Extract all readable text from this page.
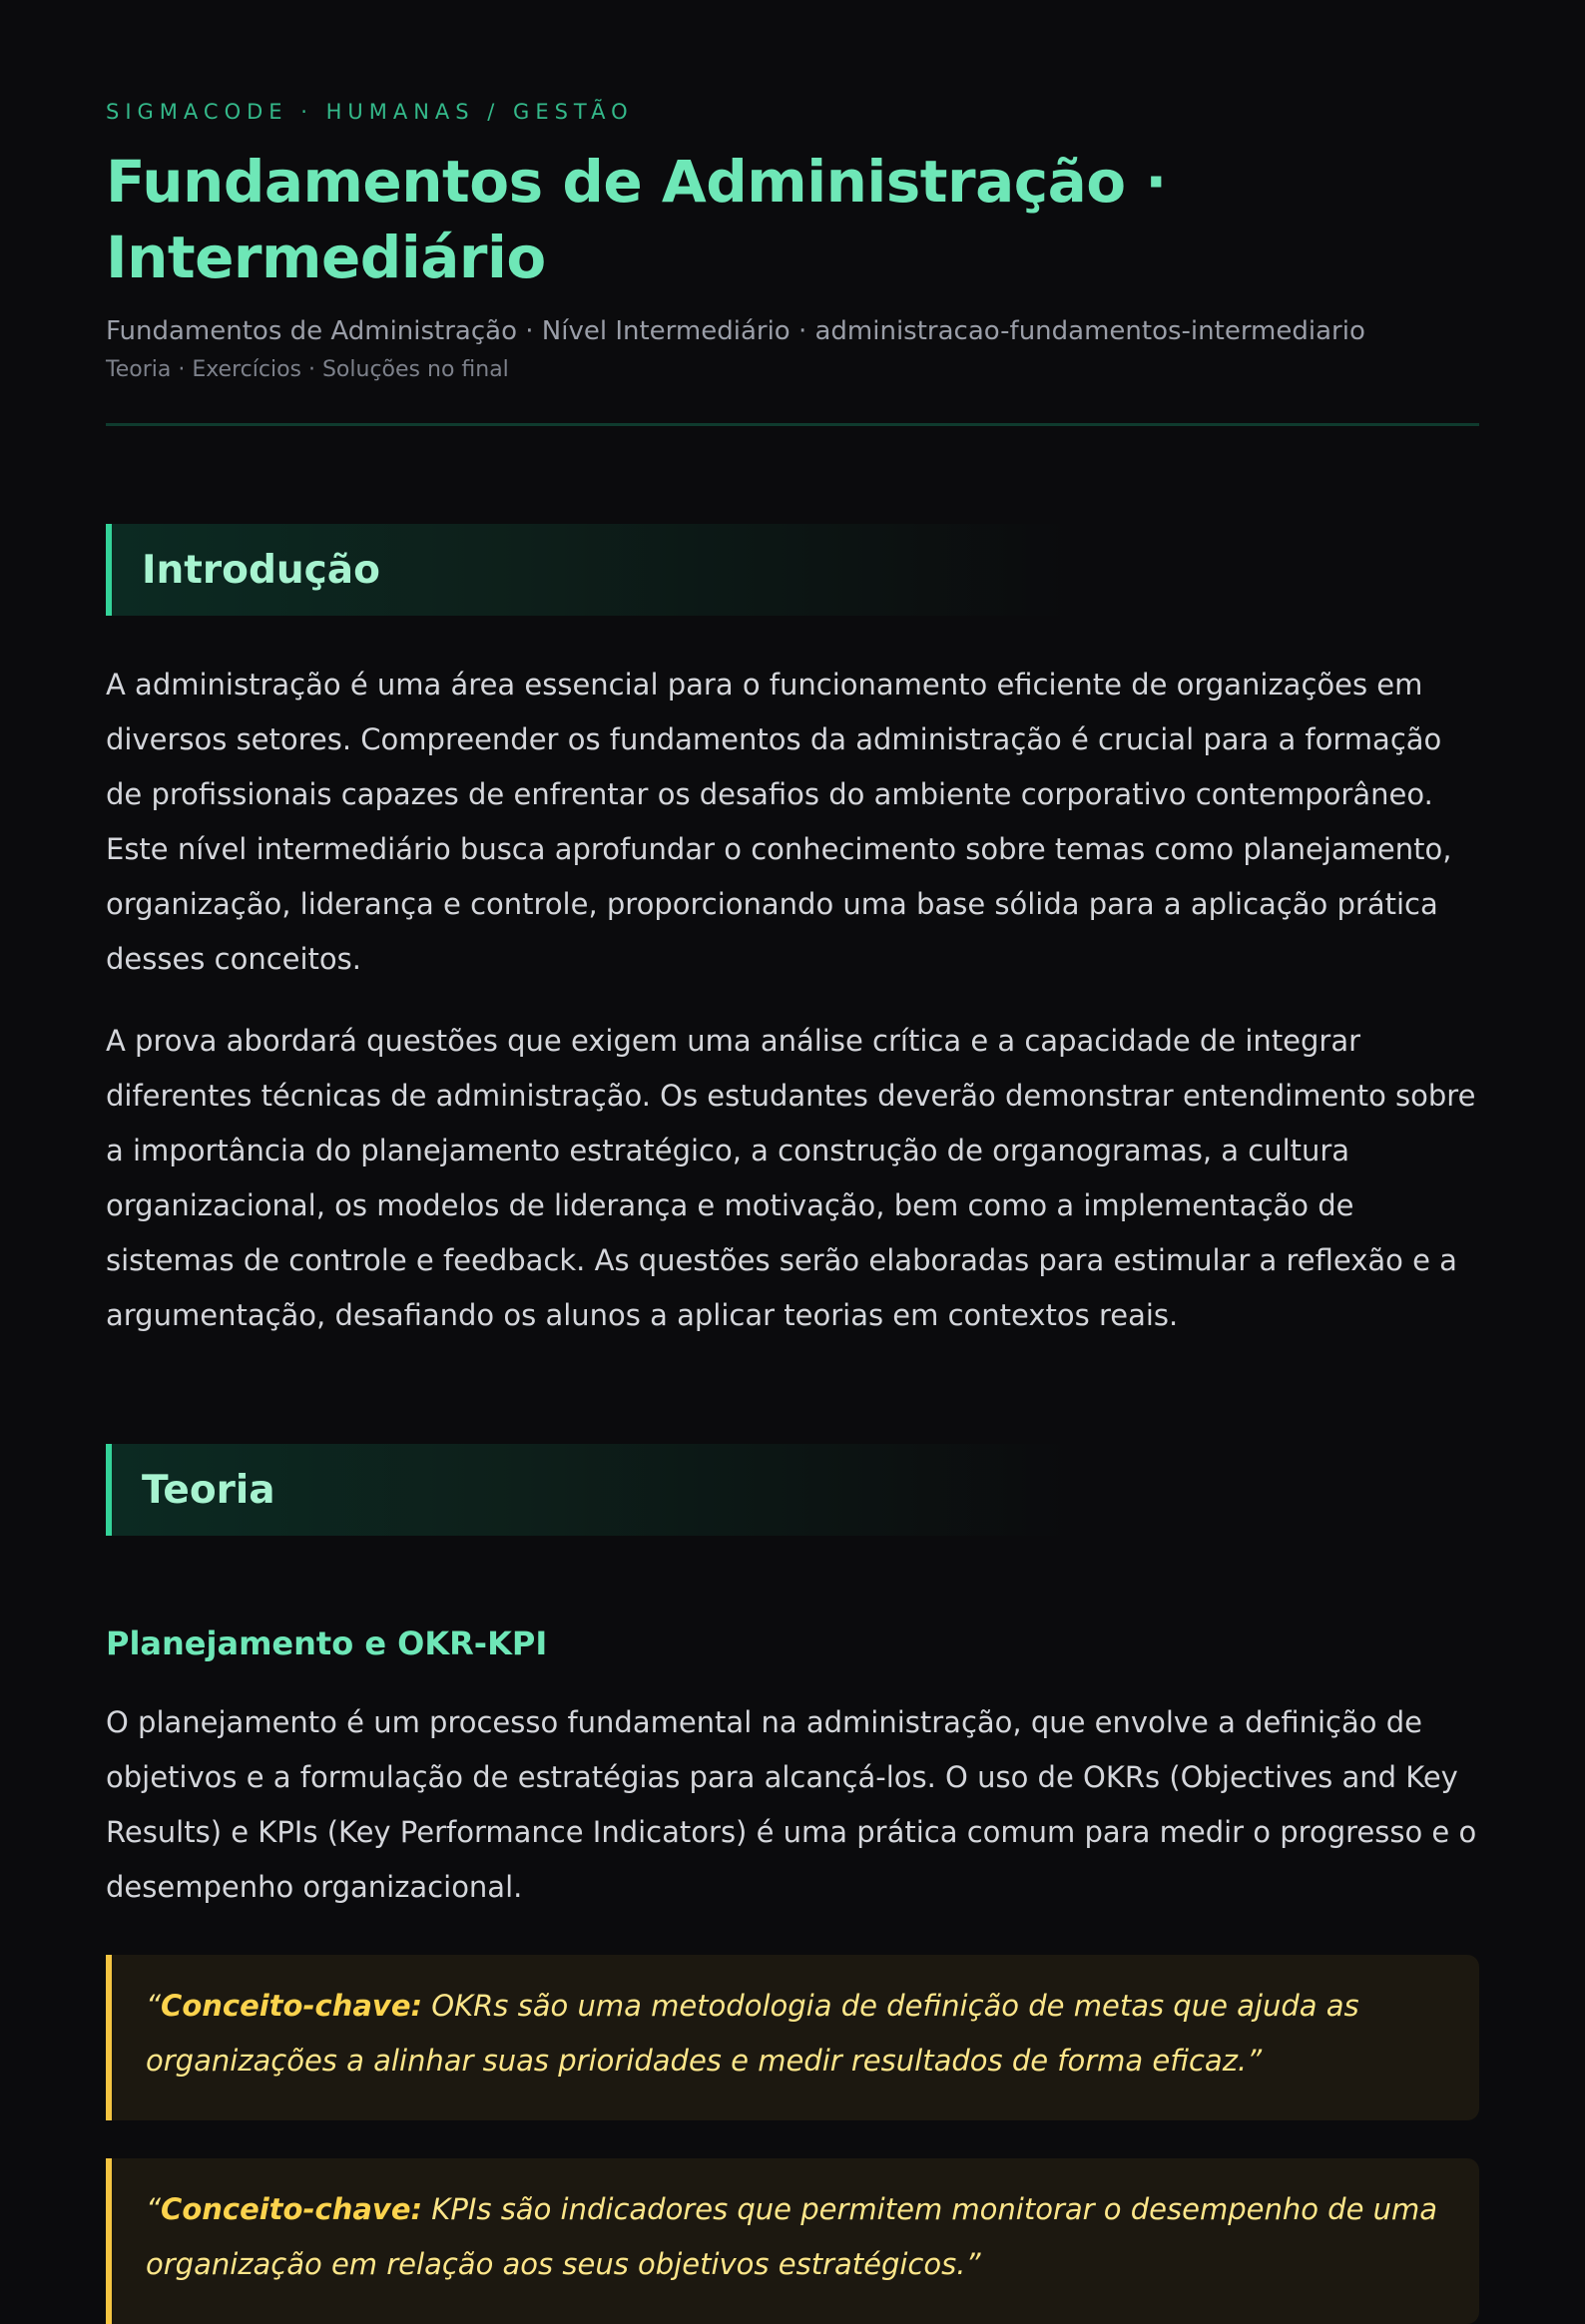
SIGMACODE · HUMANAS / GESTÃO

Fundamentos de Administração · Intermediário

Fundamentos de Administração · Nível Intermediário · administracao-fundamentos-intermediario

Teoria · Exercícios · Soluções no final

Introdução

A administração é uma área essencial para o funcionamento eficiente de organizações em diversos setores. Compreender os fundamentos da administração é crucial para a formação de profissionais capazes de enfrentar os desafios do ambiente corporativo contemporâneo. Este nível intermediário busca aprofundar o conhecimento sobre temas como planejamento, organização, liderança e controle, proporcionando uma base sólida para a aplicação prática desses conceitos.

A prova abordará questões que exigem uma análise crítica e a capacidade de integrar diferentes técnicas de administração. Os estudantes deverão demonstrar entendimento sobre a importância do planejamento estratégico, a construção de organogramas, a cultura organizacional, os modelos de liderança e motivação, bem como a implementação de sistemas de controle e feedback. As questões serão elaboradas para estimular a reflexão e a argumentação, desafiando os alunos a aplicar teorias em contextos reais.

Teoria
Planejamento e OKR-KPI

O planejamento é um processo fundamental na administração, que envolve a definição de objetivos e a formulação de estratégias para alcançá-los. O uso de OKRs (Objectives and Key Results) e KPIs (Key Performance Indicators) é uma prática comum para medir o progresso e o desempenho organizacional.

“Conceito-chave: OKRs são uma metodologia de definição de metas que ajuda as organizações a alinhar suas prioridades e medir resultados de forma eficaz.”

“Conceito-chave: KPIs são indicadores que permitem monitorar o desempenho de uma organização em relação aos seus objetivos estratégicos.”
